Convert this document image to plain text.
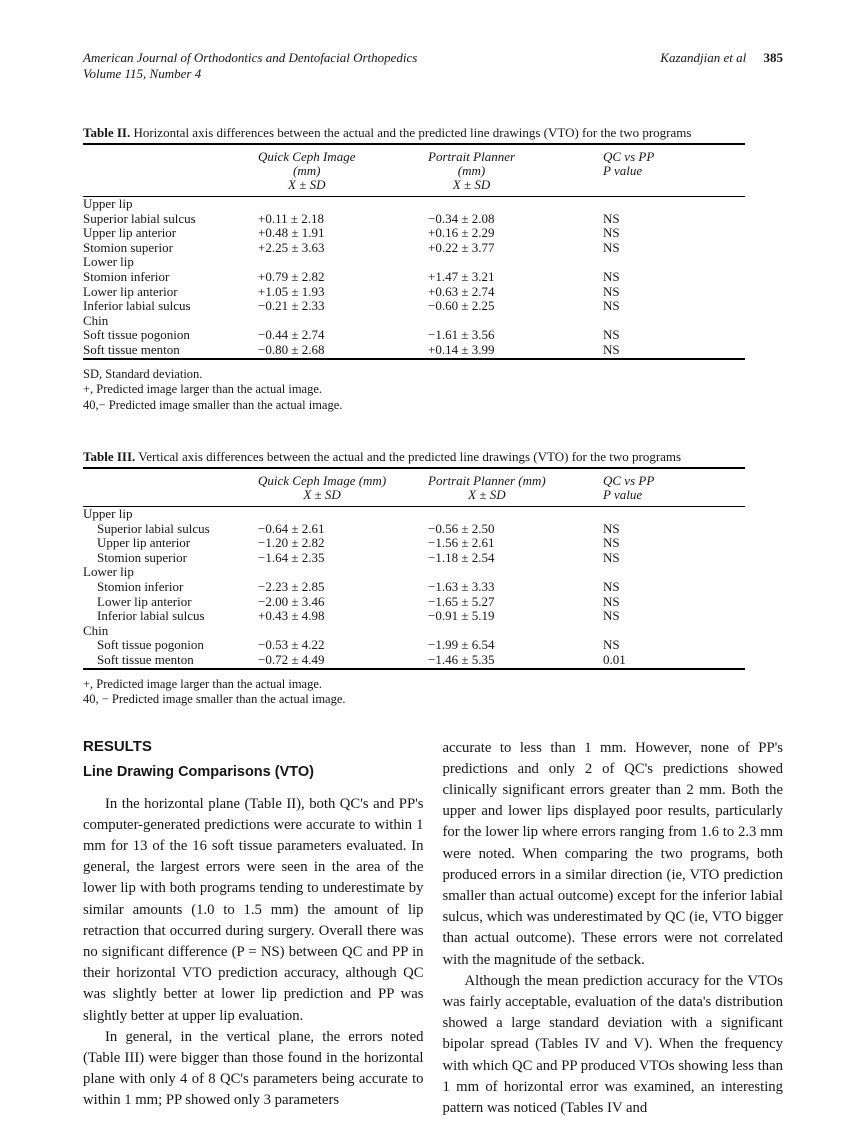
American Journal of Orthodontics and Dentofacial Orthopedics
Volume 115, Number 4
Kazandjian et al 385

Table II. Horizontal axis differences between the actual and the predicted line drawings (VTO) for the two programs

Quick Ceph Image
(mm)
X ± SD

Portrait Planner
(mm)
X ± SD

QC vs PP
P value

Upper lip			
Superior labial sulcus	+0.11 ± 2.18	−0.34 ± 2.08	NS
Upper lip anterior	+0.48 ± 1.91	+0.16 ± 2.29	NS
Stomion superior	+2.25 ± 3.63	+0.22 ± 3.77	NS
Lower lip			
Stomion inferior	+0.79 ± 2.82	+1.47 ± 3.21	NS
Lower lip anterior	+1.05 ± 1.93	+0.63 ± 2.74	NS
Inferior labial sulcus	−0.21 ± 2.33	−0.60 ± 2.25	NS
Chin			
Soft tissue pogonion	−0.44 ± 2.74	−1.61 ± 3.56	NS
Soft tissue menton	−0.80 ± 2.68	+0.14 ± 3.99	NS
SD, Standard deviation.
+, Predicted image larger than the actual image.
40,− Predicted image smaller than the actual image.

Table III. Vertical axis differences between the actual and the predicted line drawings (VTO) for the two programs

Quick Ceph Image (mm)
X ± SD

Portrait Planner (mm)
X ± SD

QC vs PP
P value

Upper lip			
Superior labial sulcus	−0.64 ± 2.61	−0.56 ± 2.50	NS
Upper lip anterior	−1.20 ± 2.82	−1.56 ± 2.61	NS
Stomion superior	−1.64 ± 2.35	−1.18 ± 2.54	NS
Lower lip			
Stomion inferior	−2.23 ± 2.85	−1.63 ± 3.33	NS
Lower lip anterior	−2.00 ± 3.46	−1.65 ± 5.27	NS
Inferior labial sulcus	+0.43 ± 4.98	−0.91 ± 5.19	NS
Chin			
Soft tissue pogonion	−0.53 ± 4.22	−1.99 ± 6.54	NS
Soft tissue menton	−0.72 ± 4.49	−1.46 ± 5.35	0.01
+, Predicted image larger than the actual image.
40, − Predicted image smaller than the actual image.
RESULTS
Line Drawing Comparisons (VTO)

In the horizontal plane (Table II), both QC's and PP's computer-generated predictions were accurate to within 1 mm for 13 of the 16 soft tissue parameters evaluated. In general, the largest errors were seen in the area of the lower lip with both programs tending to underestimate by similar amounts (1.0 to 1.5 mm) the amount of lip retraction that occurred during surgery. Overall there was no significant difference (P = NS) between QC and PP in their horizontal VTO prediction accuracy, although QC was slightly better at lower lip prediction and PP was slightly better at upper lip evaluation.

In general, in the vertical plane, the errors noted (Table III) were bigger than those found in the horizontal plane with only 4 of 8 QC's parameters being accurate to within 1 mm; PP showed only 3 parameters

accurate to less than 1 mm. However, none of PP's predictions and only 2 of QC's predictions showed clinically significant errors greater than 2 mm. Both the upper and lower lips displayed poor results, particularly for the lower lip where errors ranging from 1.6 to 2.3 mm were noted. When comparing the two programs, both produced errors in a similar direction (ie, VTO prediction smaller than actual outcome) except for the inferior labial sulcus, which was underestimated by QC (ie, VTO bigger than actual outcome). These errors were not correlated with the magnitude of the setback.

Although the mean prediction accuracy for the VTOs was fairly acceptable, evaluation of the data's distribution showed a large standard deviation with a significant bipolar spread (Tables IV and V). When the frequency with which QC and PP produced VTOs showing less than 1 mm of horizontal error was examined, an interesting pattern was noticed (Tables IV and
